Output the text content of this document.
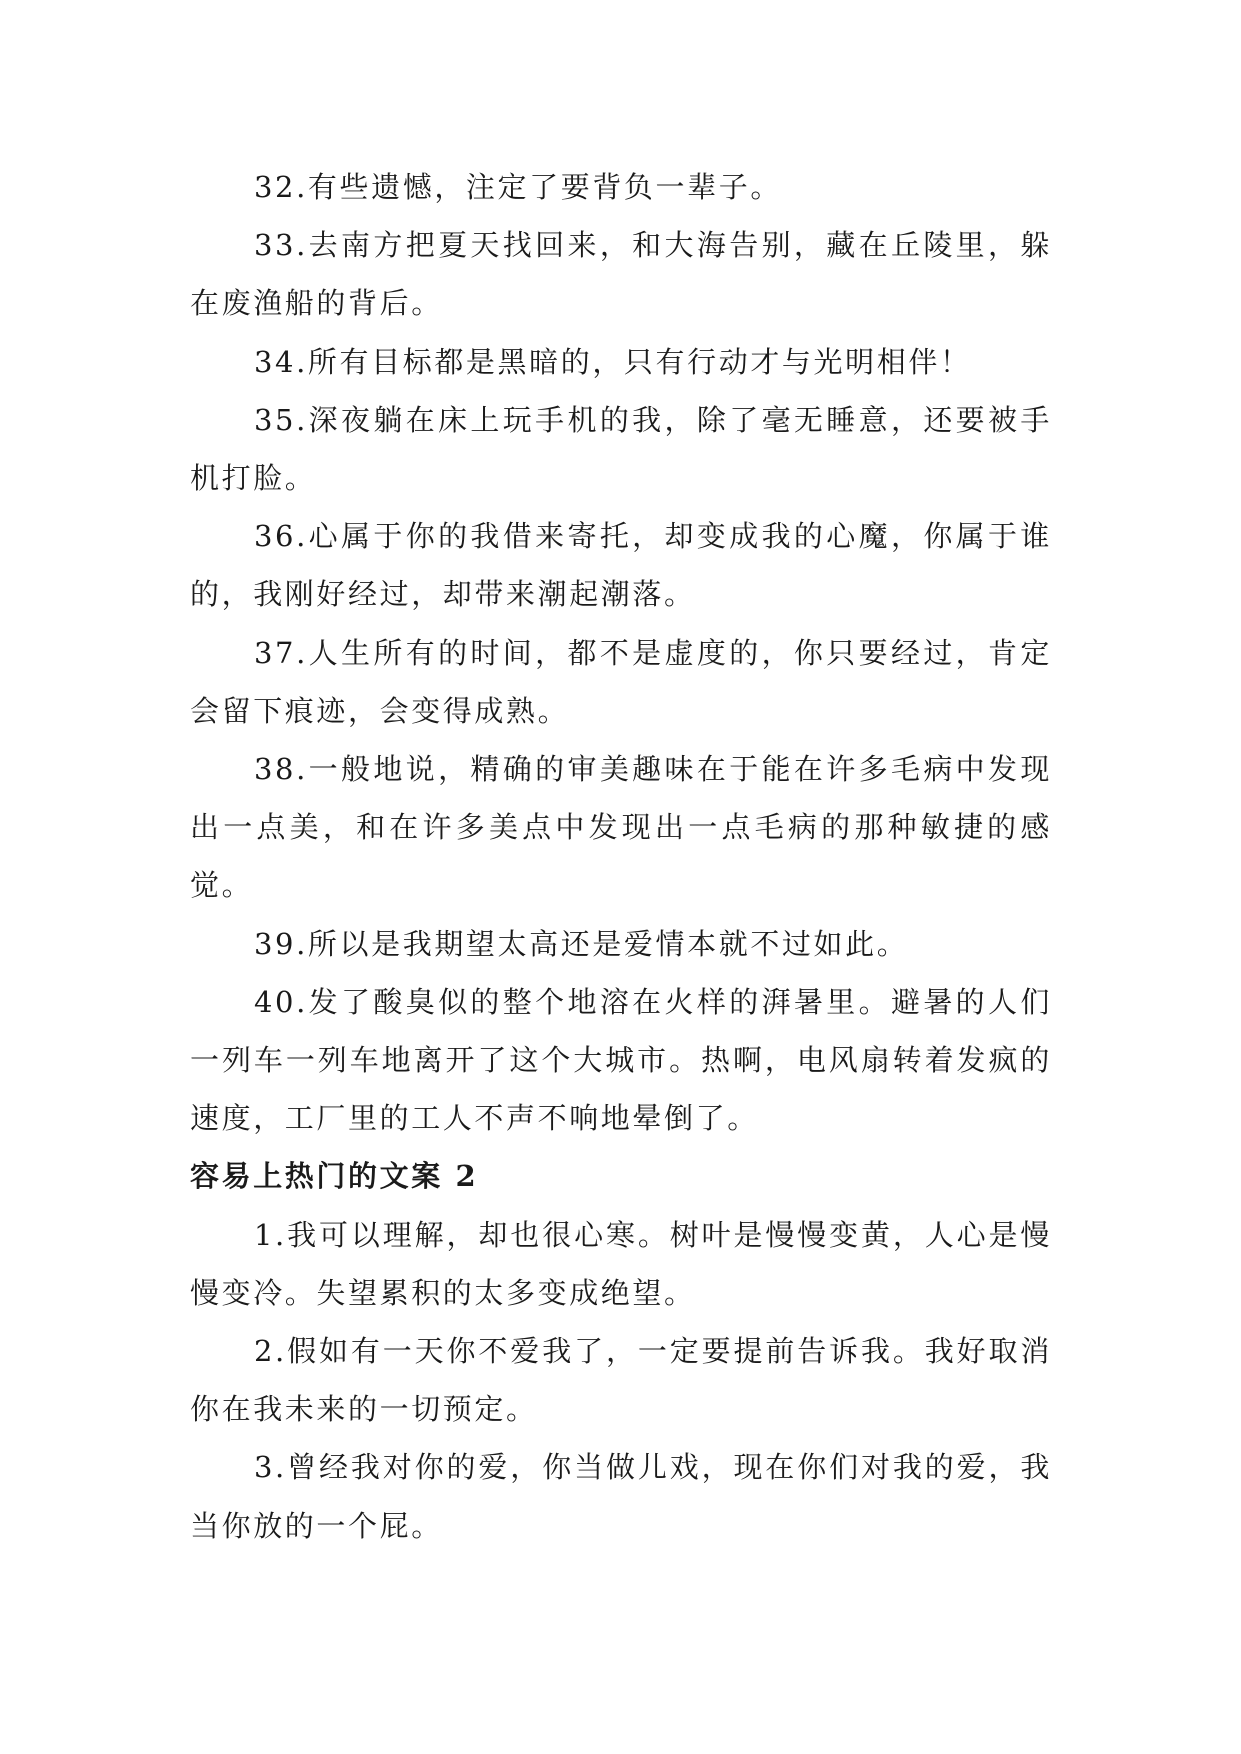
32.有些遗憾，注定了要背负一辈子。

33.去南方把夏天找回来，和大海告别，藏在丘陵里，躲在废渔船的背后。

34.所有目标都是黑暗的，只有行动才与光明相伴！

35.深夜躺在床上玩手机的我，除了毫无睡意，还要被手机打脸。

36.心属于你的我借来寄托，却变成我的心魔，你属于谁的，我刚好经过，却带来潮起潮落。

37.人生所有的时间，都不是虚度的，你只要经过，肯定会留下痕迹，会变得成熟。

38.一般地说，精确的审美趣味在于能在许多毛病中发现出一点美，和在许多美点中发现出一点毛病的那种敏捷的感觉。

39.所以是我期望太高还是爱情本就不过如此。

40.发了酸臭似的整个地溶在火样的湃暑里。避暑的人们一列车一列车地离开了这个大城市。热啊，电风扇转着发疯的速度，工厂里的工人不声不响地晕倒了。

容易上热门的文案 2

1.我可以理解，却也很心寒。树叶是慢慢变黄，人心是慢慢变冷。失望累积的太多变成绝望。

2.假如有一天你不爱我了，一定要提前告诉我。我好取消你在我未来的一切预定。

3.曾经我对你的爱，你当做儿戏，现在你们对我的爱，我当你放的一个屁。
